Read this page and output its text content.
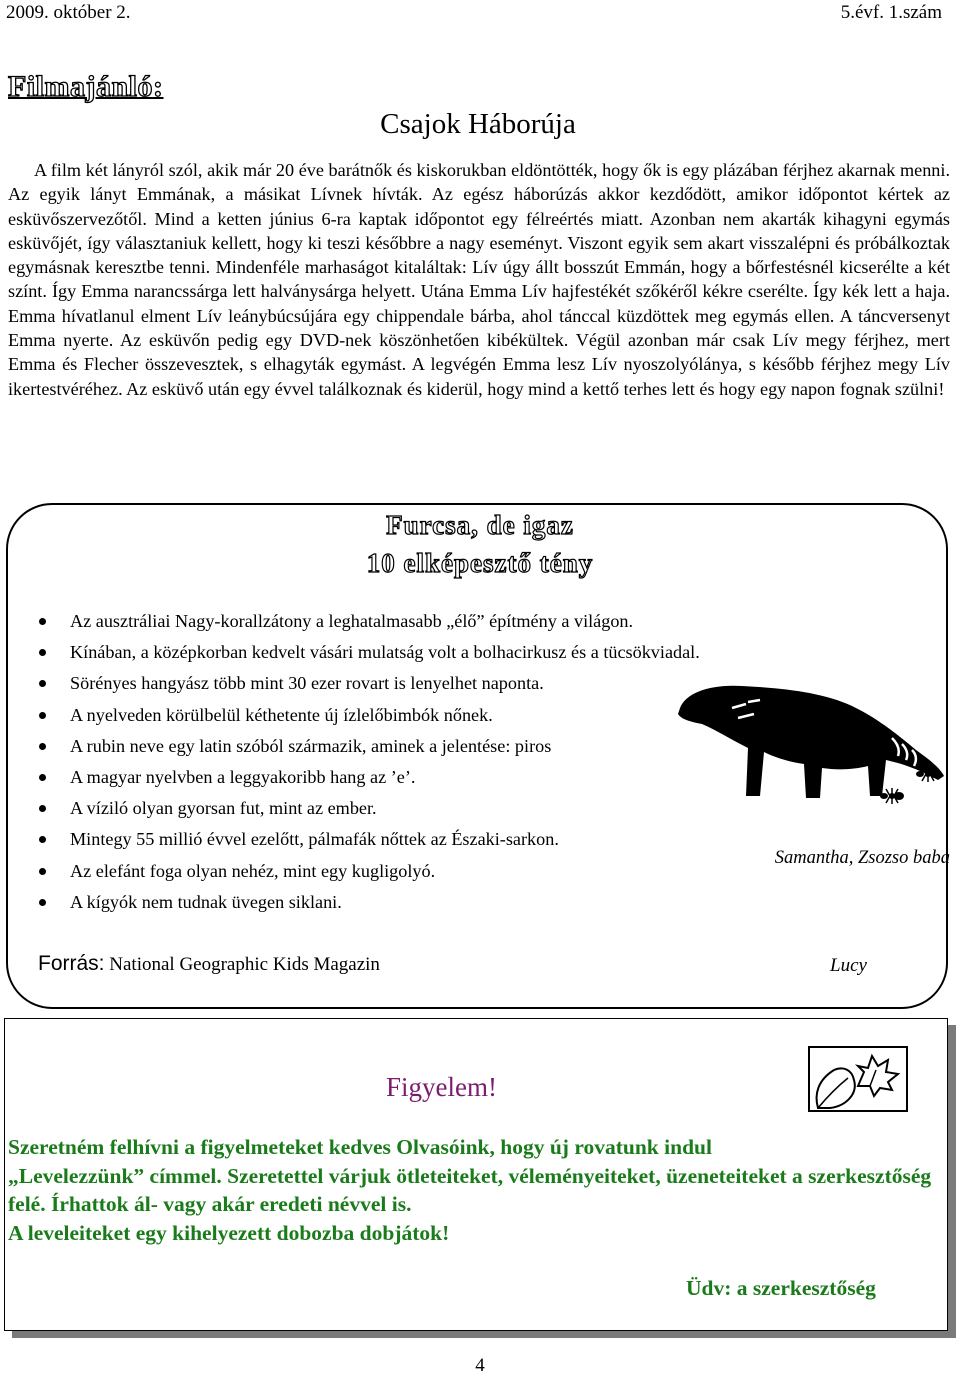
2009. október 2.	5.évf. 1.szám
Filmajánló:
Csajok Háborúja
A film két lányról szól, akik már 20 éve barátnők és kiskorukban eldöntötték, hogy ők is egy plázában férjhez akarnak menni. Az egyik lányt Emmának, a másikat Lívnek hívták. Az egész háborúzás akkor kezdődött, amikor időpontot kértek az esküvőszervezőtől. Mind a ketten június 6-ra kaptak időpontot egy félreértés miatt. Azonban nem akarták kihagyni egymás esküvőjét, így választaniuk kellett, hogy ki teszi későbbre a nagy eseményt. Viszont egyik sem akart visszalépni és próbálkoztak egymásnak keresztbe tenni. Mindenféle marhaságot kitaláltak: Lív úgy állt bosszút Emmán, hogy a bőrfestésnél kicserélte a két színt. Így Emma narancssárga lett halványsárga helyett. Utána Emma Lív hajfestékét szőkéről kékre cserélte. Így kék lett a haja. Emma hívatlanul elment Lív leánybúcsújára egy chippendale bárba, ahol tánccal küzdöttek meg egymás ellen. A táncversenyt Emma nyerte. Az esküvőn pedig egy DVD-nek köszönhetően kibékültek. Végül azonban már csak Lív megy férjhez, mert Emma és Flecher összevesztek, s elhagyták egymást. A legvégén Emma lesz Lív nyoszolyólánya, s később férjhez megy Lív ikertestvéréhez. Az esküvő után egy évvel találkoznak és kiderül, hogy mind a kettő terhes lett és hogy egy napon fognak szülni!
Samantha, Zsozso baba
Furcsa, de igaz
10 elképesztő tény
Az ausztráliai Nagy-korallzátony a leghatalmasabb „élő” építmény a világon.
Kínában, a középkorban kedvelt vásári mulatság volt a bolhacirkusz és a tücsökviadal.
Sörényes hangyász több mint 30 ezer rovart is lenyelhet naponta.
A nyelveden körülbelül kéthetente új ízlelőbimbók nőnek.
A rubin neve egy latin szóból származik, aminek a jelentése: piros
A magyar nyelvben a leggyakoribb hang az ’e’.
A víziló olyan gyorsan fut, mint az ember.
Mintegy 55 millió évvel ezelőtt, pálmafák nőttek az Északi-sarkon.
Az elefánt foga olyan nehéz, mint egy kugligolyó.
A kígyók nem tudnak üvegen siklani.
Forrás: National Geographic Kids Magazin	Lucy
Figyelem!
Szeretném felhívni a figyelmeteket kedves Olvasóink, hogy új rovatunk indul
„Levelezzünk” címmel. Szeretettel várjuk ötleteiteket, véleményeiteket, üzeneteiteket a szerkesztőség felé. Írhattok ál- vagy akár eredeti névvel is.
A leveleiteket egy kihelyezett dobozba dobjátok!
Üdv: a szerkesztőség
4
